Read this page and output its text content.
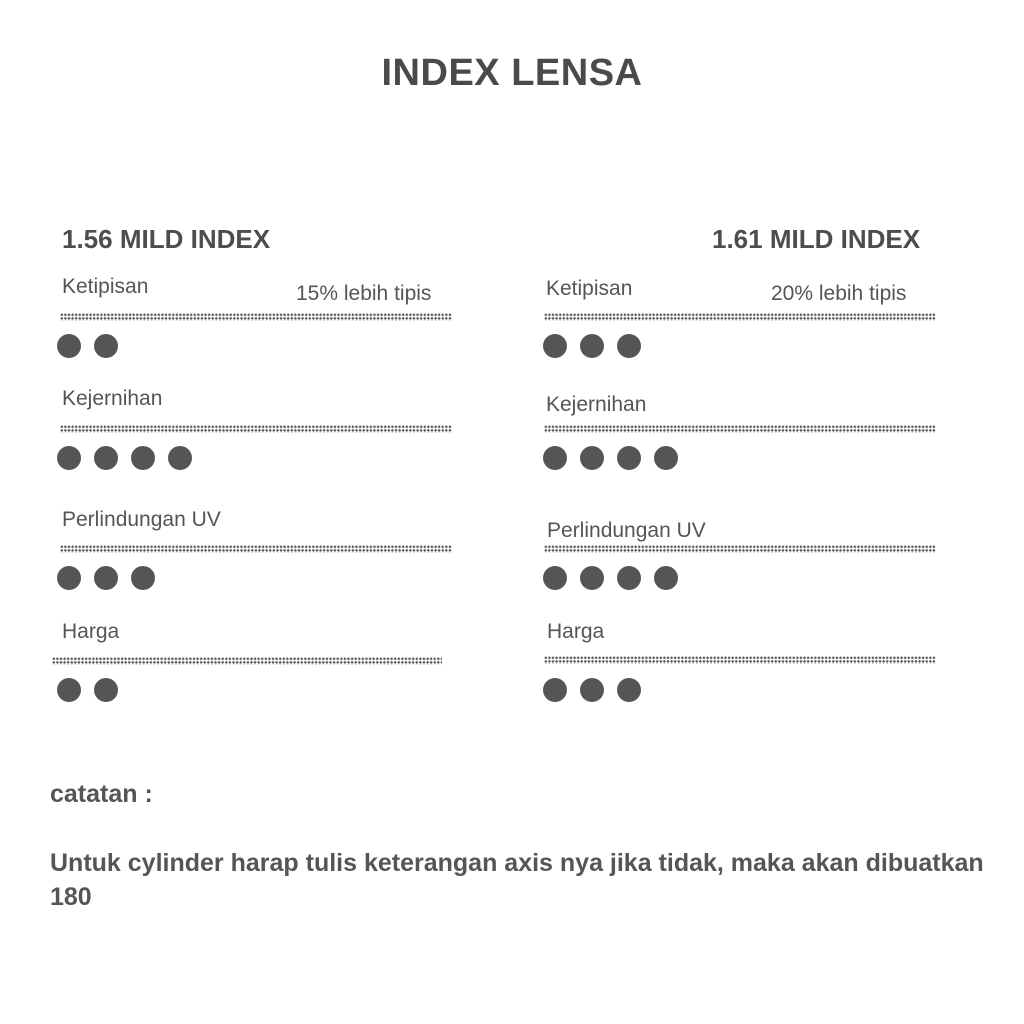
INDEX LENSA
1.56 MILD INDEX
Ketipisan	15% lebih tipis
Kejernihan
Perlindungan UV
Harga
1.61 MILD INDEX
Ketipisan	20% lebih tipis
Kejernihan
Perlindungan UV
Harga
catatan :
Untuk cylinder harap tulis keterangan axis nya jika tidak, maka akan dibuatkan 180
